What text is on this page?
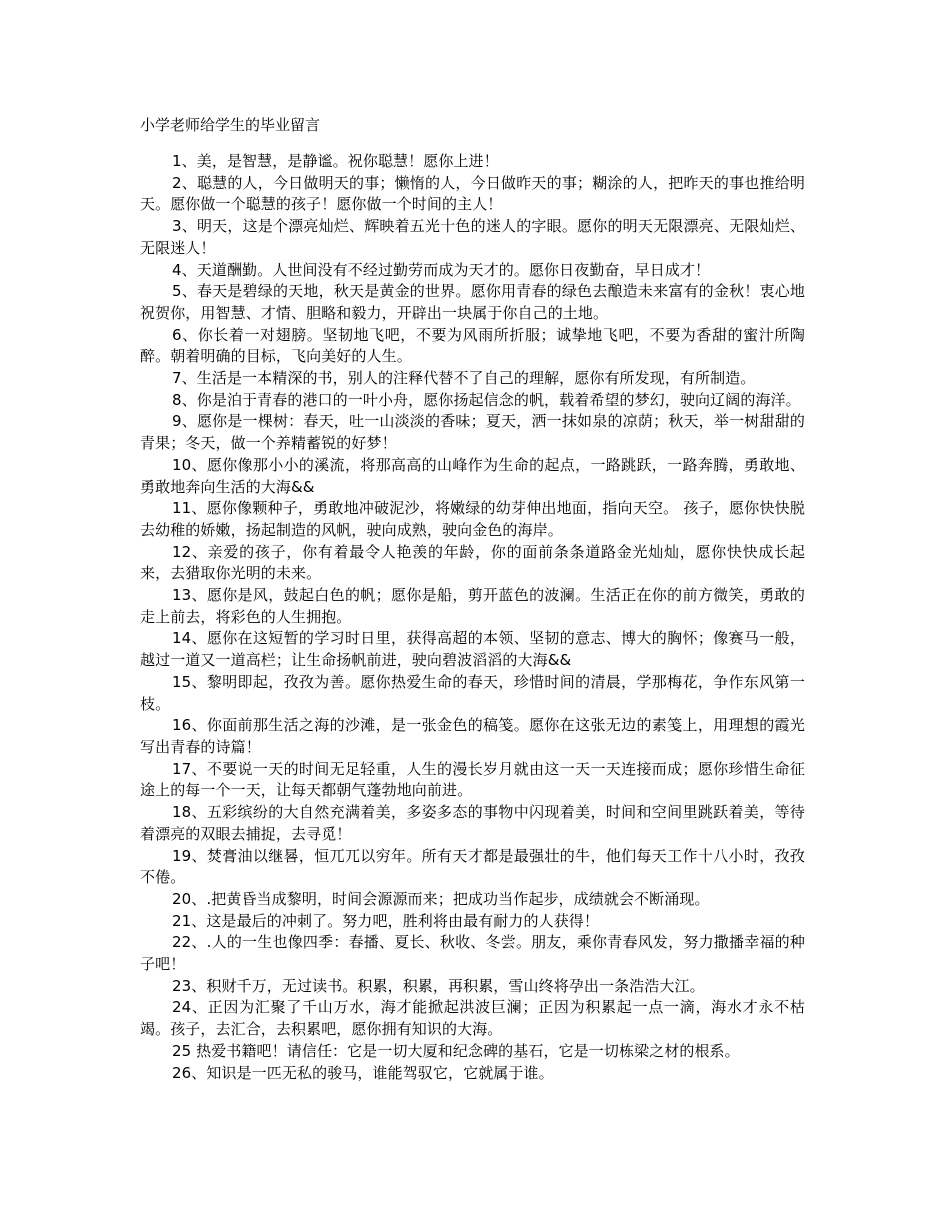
小学老师给学生的毕业留言

1、美，是智慧，是静谧。祝你聪慧！愿你上进！

2、聪慧的人，今日做明天的事；懒惰的人，今日做昨天的事；糊涂的人，把昨天的事也推给明天。愿你做一个聪慧的孩子！愿你做一个时间的主人！

3、明天，这是个漂亮灿烂、辉映着五光十色的迷人的字眼。愿你的明天无限漂亮、无限灿烂、无限迷人！

4、天道酬勤。人世间没有不经过勤劳而成为天才的。愿你日夜勤奋，早日成才！

5、春天是碧绿的天地，秋天是黄金的世界。愿你用青春的绿色去酿造未来富有的金秋！衷心地祝贺你，用智慧、才情、胆略和毅力，开辟出一块属于你自己的土地。

6、你长着一对翅膀。坚韧地飞吧，不要为风雨所折服；诚挚地飞吧，不要为香甜的蜜汁所陶醉。朝着明确的目标，飞向美好的人生。

7、生活是一本精深的书，别人的注释代替不了自己的理解，愿你有所发现，有所制造。

8、你是泊于青春的港口的一叶小舟，愿你扬起信念的帆，载着希望的梦幻，驶向辽阔的海洋。

9、愿你是一棵树：春天，吐一山淡淡的香味；夏天，洒一抹如泉的凉荫；秋天，举一树甜甜的青果；冬天，做一个养精蓄锐的好梦！

10、愿你像那小小的溪流，将那高高的山峰作为生命的起点，一路跳跃，一路奔腾，勇敢地、勇敢地奔向生活的大海&&

11、愿你像颗种子，勇敢地冲破泥沙，将嫩绿的幼芽伸出地面，指向天空。 孩子，愿你快快脱去幼稚的娇嫩，扬起制造的风帆，驶向成熟，驶向金色的海岸。

12、亲爱的孩子，你有着最令人艳羡的年龄，你的面前条条道路金光灿灿，愿你快快成长起来，去猎取你光明的未来。

13、愿你是风，鼓起白色的帆；愿你是船，剪开蓝色的波澜。生活正在你的前方微笑，勇敢的走上前去，将彩色的人生拥抱。

14、愿你在这短暂的学习时日里，获得高超的本领、坚韧的意志、博大的胸怀；像赛马一般，越过一道又一道高栏；让生命扬帆前进，驶向碧波滔滔的大海&&

15、黎明即起，孜孜为善。愿你热爱生命的春天，珍惜时间的清晨，学那梅花，争作东风第一枝。

16、你面前那生活之海的沙滩，是一张金色的稿笺。愿你在这张无边的素笺上，用理想的霞光写出青春的诗篇！

17、不要说一天的时间无足轻重，人生的漫长岁月就由这一天一天连接而成；愿你珍惜生命征途上的每一个一天，让每天都朝气蓬勃地向前进。

18、五彩缤纷的大自然充满着美，多姿多态的事物中闪现着美，时间和空间里跳跃着美，等待着漂亮的双眼去捕捉，去寻觅！

19、焚膏油以继晷，恒兀兀以穷年。所有天才都是最强壮的牛，他们每天工作十八小时，孜孜不倦。

20、.把黄昏当成黎明，时间会源源而来；把成功当作起步，成绩就会不断涌现。

21、这是最后的冲刺了。努力吧，胜利将由最有耐力的人获得！

22、.人的一生也像四季：春播、夏长、秋收、冬尝。朋友，乘你青春风发，努力撒播幸福的种子吧！

23、积财千万，无过读书。积累，积累，再积累，雪山终将孕出一条浩浩大江。

24、正因为汇聚了千山万水，海才能掀起洪波巨澜；正因为积累起一点一滴，海水才永不枯竭。孩子，去汇合，去积累吧，愿你拥有知识的大海。

25 热爱书籍吧！请信任：它是一切大厦和纪念碑的基石，它是一切栋梁之材的根系。

26、知识是一匹无私的骏马，谁能驾驭它，它就属于谁。
